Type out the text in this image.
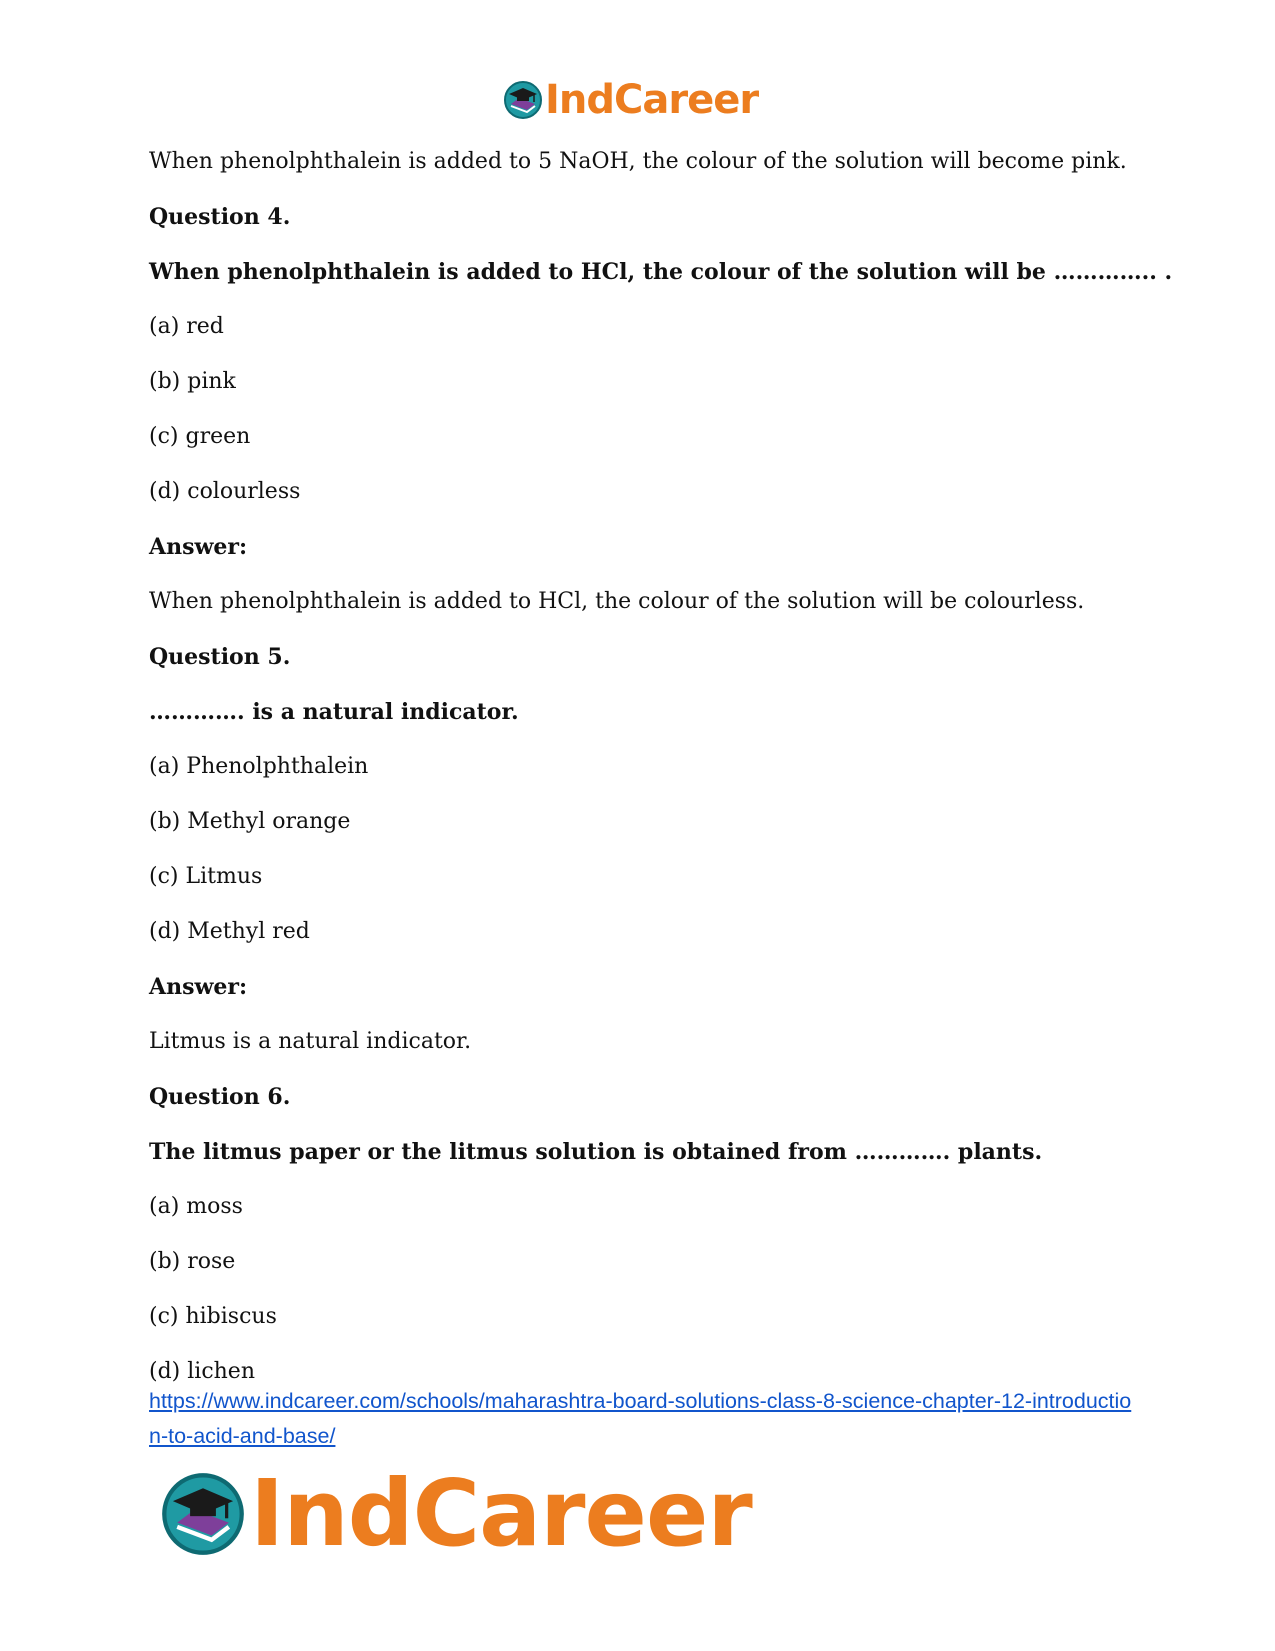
IndCareer
When phenolphthalein is added to 5 NaOH, the colour of the solution will become pink.
Question 4.
When phenolphthalein is added to HCl, the colour of the solution will be ………….. .
(a) red
(b) pink
(c) green
(d) colourless
Answer:
When phenolphthalein is added to HCl, the colour of the solution will be colourless.
Question 5.
…………. is a natural indicator.
(a) Phenolphthalein
(b) Methyl orange
(c) Litmus
(d) Methyl red
Answer:
Litmus is a natural indicator.
Question 6.
The litmus paper or the litmus solution is obtained from …………. plants.
(a) moss
(b) rose
(c) hibiscus
(d) lichen
https://www.indcareer.com/schools/maharashtra-board-solutions-class-8-science-chapter-12-introduction-to-acid-and-base/
IndCareer
